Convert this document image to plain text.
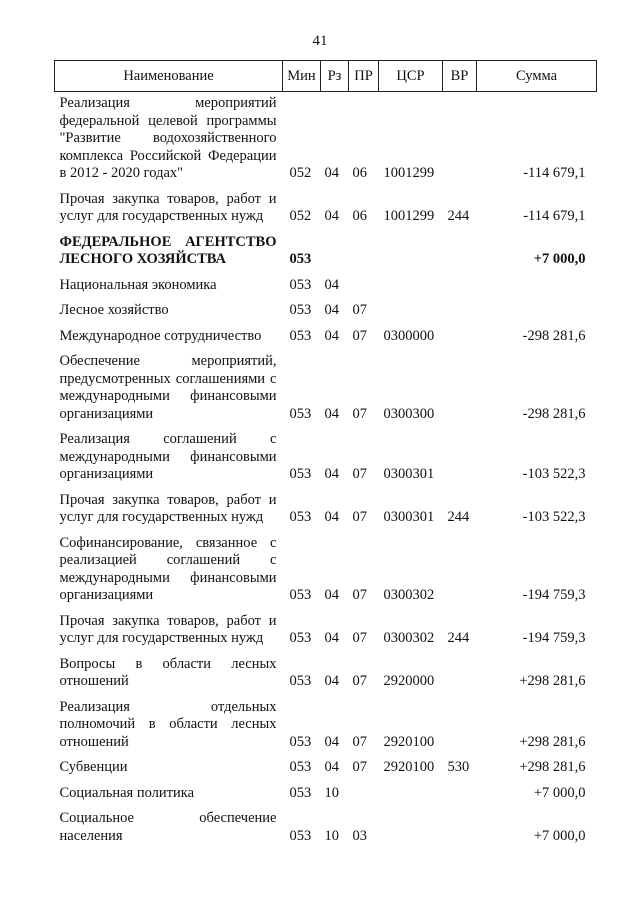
41
Наименование	Мин	Рз	ПР	ЦСР	ВР	Сумма
Реализация мероприятий федеральной целевой программы "Развитие водохозяйственного комплекса Российской Федерации в 2012 - 2020 годах"	052	04	06	1001299		-114 679,1
Прочая закупка товаров, работ и услуг для государственных нужд	052	04	06	1001299	244	-114 679,1
ФЕДЕРАЛЬНОЕ АГЕНТСТВО ЛЕСНОГО ХОЗЯЙСТВА	053					+7 000,0
Национальная экономика	053	04				
Лесное хозяйство	053	04	07			
Международное сотрудничество	053	04	07	0300000		-298 281,6
Обеспечение мероприятий, предусмотренных соглашениями с международными финансовыми организациями	053	04	07	0300300		-298 281,6
Реализация соглашений с международными финансовыми организациями	053	04	07	0300301		-103 522,3
Прочая закупка товаров, работ и услуг для государственных нужд	053	04	07	0300301	244	-103 522,3
Софинансирование, связанное с реализацией соглашений с международными финансовыми организациями	053	04	07	0300302		-194 759,3
Прочая закупка товаров, работ и услуг для государственных нужд	053	04	07	0300302	244	-194 759,3
Вопросы в области лесных отношений	053	04	07	2920000		+298 281,6
Реализация отдельных полномочий в области лесных отношений	053	04	07	2920100		+298 281,6
Субвенции	053	04	07	2920100	530	+298 281,6
Социальная политика	053	10				+7 000,0
Социальное обеспечение населения	053	10	03			+7 000,0
